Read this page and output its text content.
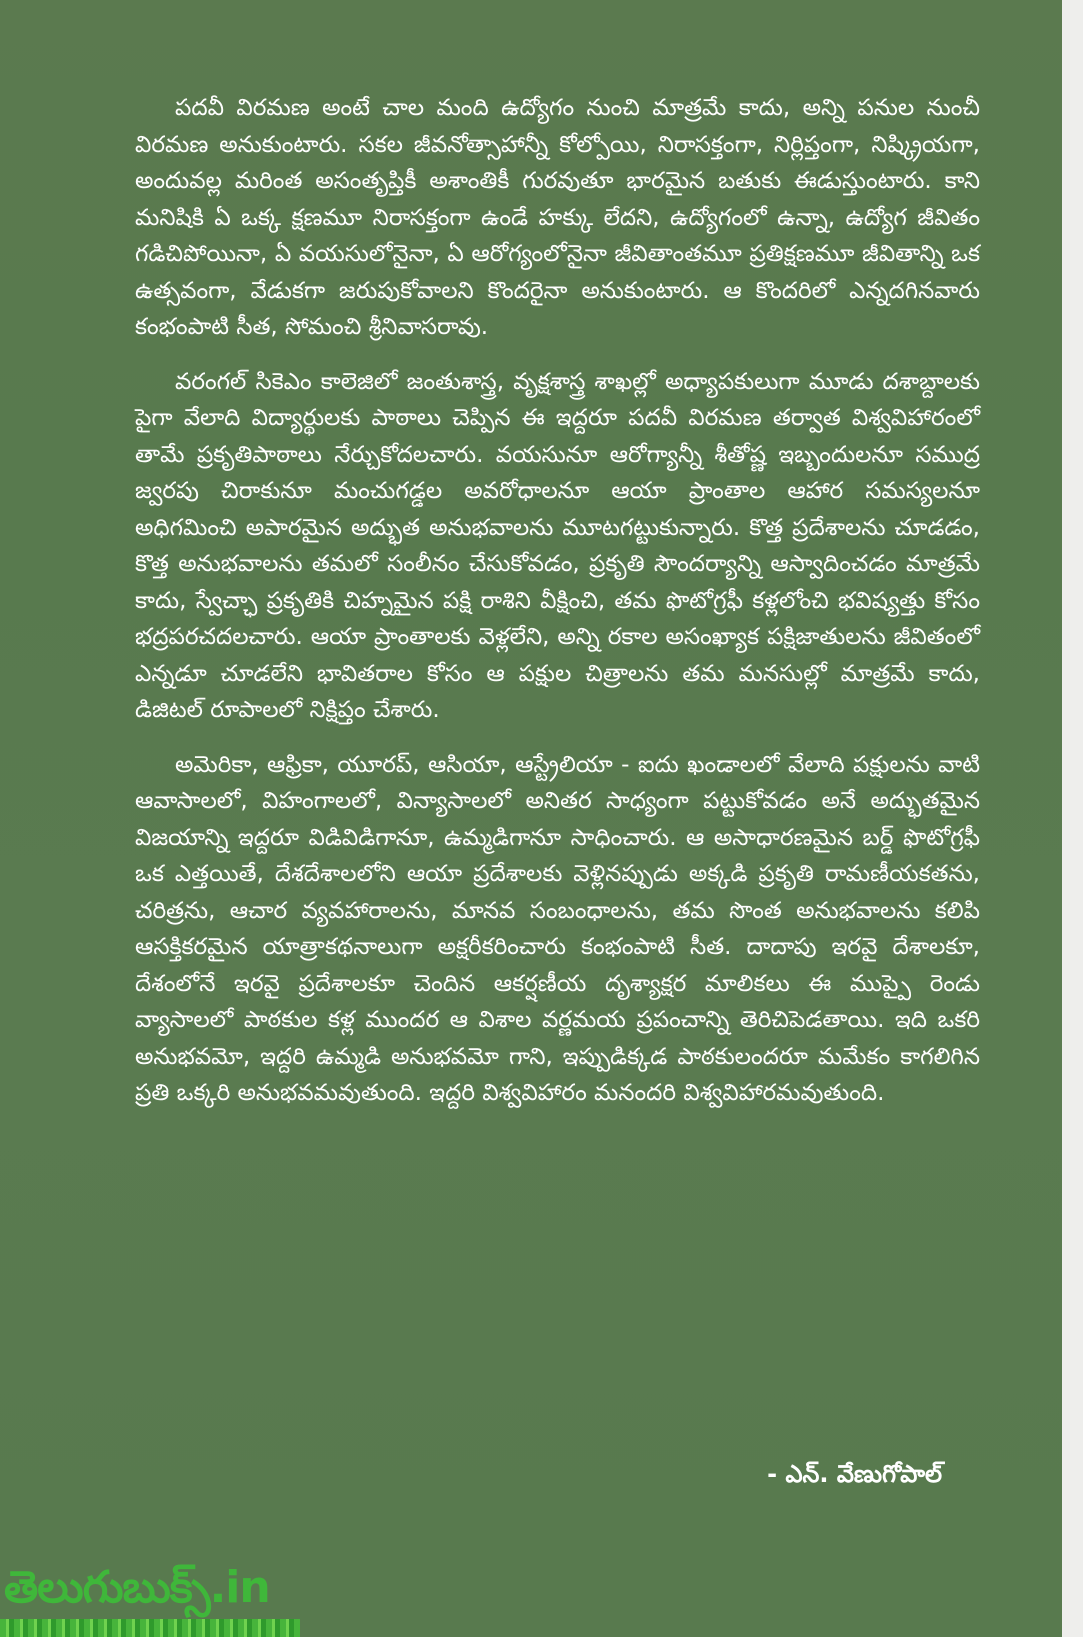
పదవీ విరమణ అంటే చాల మంది ఉద్యోగం నుంచి మాత్రమే కాదు, అన్ని పనుల నుంచీ విరమణ అనుకుంటారు. సకల జీవనోత్సాహాన్నీ కోల్పోయి, నిరాసక్తంగా, నిర్లిప్తంగా, నిష్క్రియగా, అందువల్ల మరింత అసంతృప్తికీ అశాంతికీ గురవుతూ భారమైన బతుకు ఈడుస్తుంటారు. కాని మనిషికి ఏ ఒక్క క్షణమూ నిరాసక్తంగా ఉండే హక్కు లేదని, ఉద్యోగంలో ఉన్నా, ఉద్యోగ జీవితం గడిచిపోయినా, ఏ వయసులోనైనా, ఏ ఆరోగ్యంలోనైనా జీవితాంతమూ ప్రతిక్షణమూ జీవితాన్ని ఒక ఉత్సవంగా, వేడుకగా జరుపుకోవాలని కొందరైనా అనుకుంటారు. ఆ కొందరిలో ఎన్నదగినవారు కంభంపాటి సీత, సోమంచి శ్రీనివాసరావు.

వరంగల్ సికెఎం కాలెజిలో జంతుశాస్త్ర, వృక్షశాస్త్ర శాఖల్లో అధ్యాపకులుగా మూడు దశాబ్దాలకు పైగా వేలాది విద్యార్థులకు పాఠాలు చెప్పిన ఈ ఇద్దరూ పదవీ విరమణ తర్వాత విశ్వవిహారంలో తామే ప్రకృతిపాఠాలు నేర్చుకోదలచారు. వయసునూ ఆరోగ్యాన్నీ శీతోష్ణ ఇబ్బందులనూ సముద్ర జ్వరపు చిరాకునూ మంచుగడ్డల అవరోధాలనూ ఆయా ప్రాంతాల ఆహార సమస్యలనూ అధిగమించి అపారమైన అద్భుత అనుభవాలను మూటగట్టుకున్నారు. కొత్త ప్రదేశాలను చూడడం, కొత్త అనుభవాలను తమలో సంలీనం చేసుకోవడం, ప్రకృతి సౌందర్యాన్ని ఆస్వాదించడం మాత్రమే కాదు, స్వేచ్ఛా ప్రకృతికి చిహ్నమైన పక్షి రాశిని వీక్షించి, తమ ఫొటోగ్రఫీ కళ్లలోంచి భవిష్యత్తు కోసం భద్రపరచదలచారు. ఆయా ప్రాంతాలకు వెళ్లలేని, అన్ని రకాల అసంఖ్యాక పక్షిజాతులను జీవితంలో ఎన్నడూ చూడలేని భావితరాల కోసం ఆ పక్షుల చిత్రాలను తమ మనసుల్లో మాత్రమే కాదు, డిజిటల్ రూపాలలో నిక్షిప్తం చేశారు.

అమెరికా, ఆఫ్రికా, యూరప్, ఆసియా, ఆస్ట్రేలియా - ఐదు ఖండాలలో వేలాది పక్షులను వాటి ఆవాసాలలో, విహంగాలలో, విన్యాసాలలో అనితర సాధ్యంగా పట్టుకోవడం అనే అద్భుతమైన విజయాన్ని ఇద్దరూ విడివిడిగానూ, ఉమ్మడిగానూ సాధించారు. ఆ అసాధారణమైన బర్డ్ ఫొటోగ్రఫీ ఒక ఎత్తయితే, దేశదేశాలలోని ఆయా ప్రదేశాలకు వెళ్లినప్పుడు అక్కడి ప్రకృతి రామణీయకతను, చరిత్రను, ఆచార వ్యవహారాలను, మానవ సంబంధాలను, తమ సొంత అనుభవాలను కలిపి ఆసక్తికరమైన యాత్రాకథనాలుగా అక్షరీకరించారు కంభంపాటి సీత. దాదాపు ఇరవై దేశాలకూ, దేశంలోనే ఇరవై ప్రదేశాలకూ చెందిన ఆకర్షణీయ దృశ్యాక్షర మాలికలు ఈ ముప్పై రెండు వ్యాసాలలో పాఠకుల కళ్ల ముందర ఆ విశాల వర్ణమయ ప్రపంచాన్ని తెరిచిపెడతాయి. ఇది ఒకరి అనుభవమో, ఇద్దరి ఉమ్మడి అనుభవమో గాని, ఇప్పుడిక్కడ పాఠకులందరూ మమేకం కాగలిగిన ప్రతి ఒక్కరి అనుభవమవుతుంది. ఇద్దరి విశ్వవిహారం మనందరి విశ్వవిహారమవుతుంది.

- ఎన్. వేణుగోపాల్
తెలుగుబుక్స్.in
